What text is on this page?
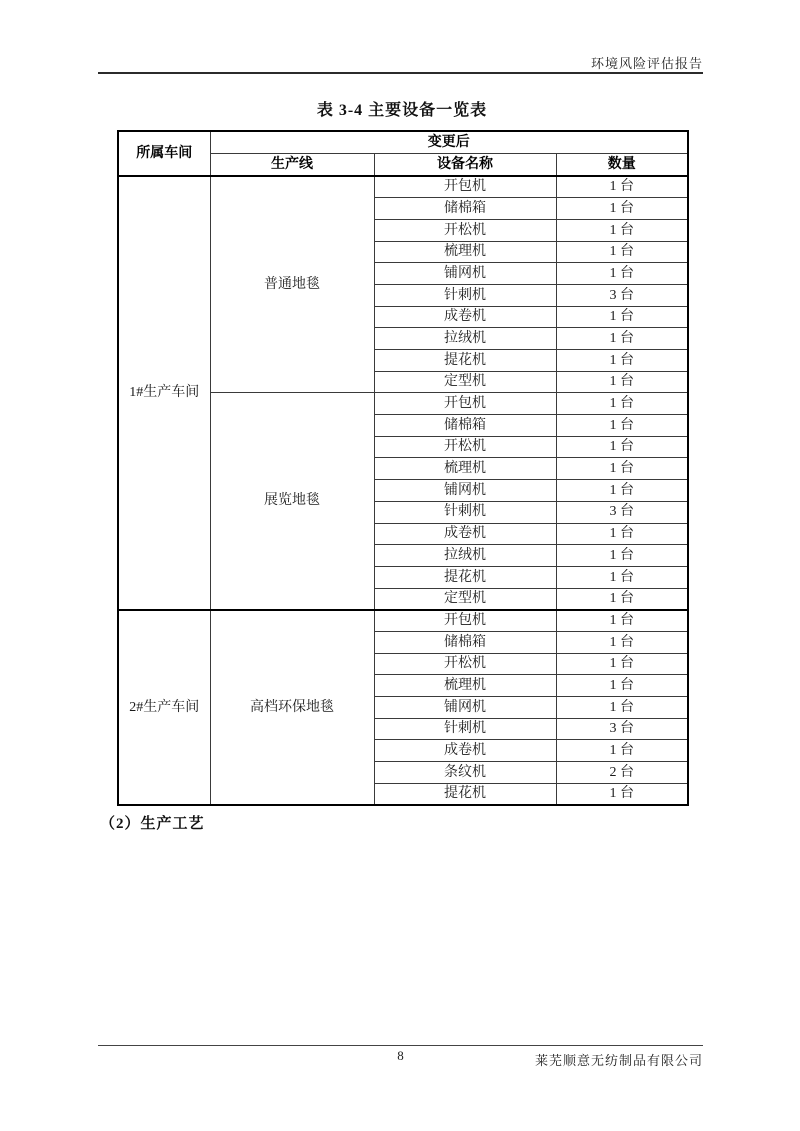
环境风险评估报告
表 3-4 主要设备一览表
所属车间	变更后		
	生产线	设备名称	数量
1#生产车间	普通地毯	开包机	1 台
		储棉箱	1 台
		开松机	1 台
		梳理机	1 台
		铺网机	1 台
		针刺机	3 台
		成卷机	1 台
		拉绒机	1 台
		提花机	1 台
		定型机	1 台
	展览地毯	开包机	1 台
		储棉箱	1 台
		开松机	1 台
		梳理机	1 台
		铺网机	1 台
		针刺机	3 台
		成卷机	1 台
		拉绒机	1 台
		提花机	1 台
		定型机	1 台
2#生产车间	高档环保地毯	开包机	1 台
		储棉箱	1 台
		开松机	1 台
		梳理机	1 台
		铺网机	1 台
		针刺机	3 台
		成卷机	1 台
		条纹机	2 台
		提花机	1 台
（2）生产工艺
8	莱芜顺意无纺制品有限公司
